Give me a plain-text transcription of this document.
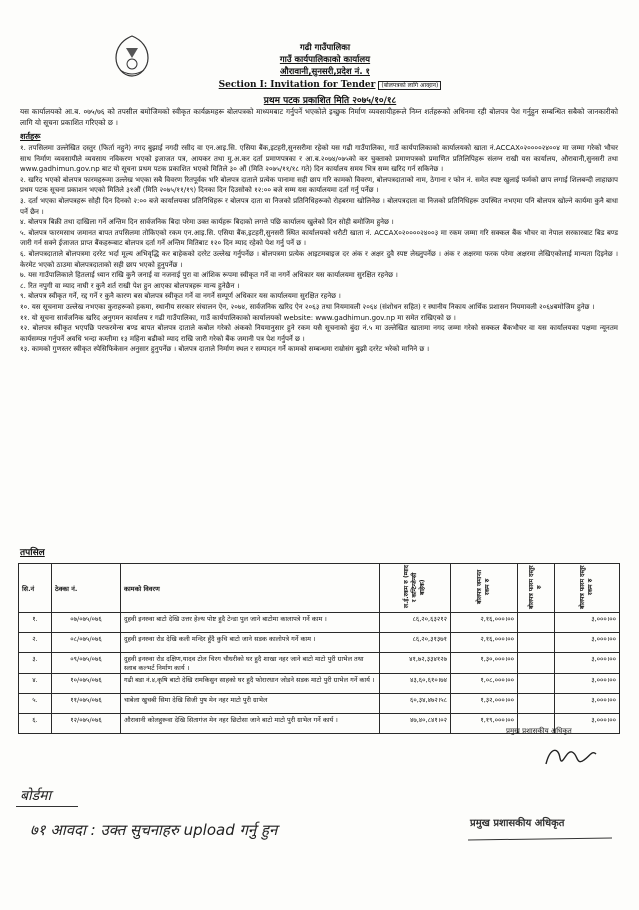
गढी गाउँपालिका
गाउँ कार्यपालिकाको कार्यालय
औरावानी,सुनसरी,प्रदेश नं. १
Section I: Invitation for Tender (बोलपत्रको लागि आव्हान)
प्रथम पटक प्रकाशित मिति २०७५/१०/१८
यस कार्यालयको आ.ब. ०७५/७६ को तपसील बमोजिमको स्वीकृत कार्यक्रमहरू बोलपत्रको माध्यमबाट गर्नुपर्ने भएकोले इच्छुक निर्माण व्यवसायीहरूले निम्न शर्तहरूको अधिनमा रही बोलपत्र पेश गर्नुहुन सम्बन्धित सबैको जानकारीको लागि यो सूचना प्रकाशित गरिएको छ ।
शर्तहरू

१. तपसिलमा उल्लेखित दस्तुर (फिर्ता नहुने) नगद बुझाई नगदी रसीद वा एन.आइ.सि. एसिया बैंक,इटहरी,सुनसरीमा रहेको यस गढी गाउँपालिका, गाउँ कार्यपालिकाको कार्यालयको खाता नं.ACCAX०२००००२४००४ मा जम्मा गरेको भौचर साथ निर्माण व्यवसायीले व्यवसाय नविकरण भएको इजाजत पत्र, आयकर तथा मु.अ.कर दर्ता प्रमाणपत्रका र आ.ब.२०७४/०७५को कर चुक्ताको प्रमाणपत्रको प्रमाणित प्रतिलिपिहरू संलग्न राखी यस कार्यालय, औरावानी,सुनसरी तथा www.gadhimun.gov.np बाट यो सूचना प्रथम पटक प्रकाशित भएको मितिले ३० औं (मिति २०७५/११/१८ गते) दिन कार्यालय समय भित्र सम्म खरिद गर्न सकिनेछ ।

२. खरिद भएको बोलपत्र फारमहरूमा उल्लेख भएका सबै विवरण रितपूर्वक भरि बोलपत्र दाताले प्रत्येक पानामा सही छाप गरि कामको विवरण, बोलपत्रदाताको नाम, ठेगाना र फोन नं. समेत स्पष्ट खुलाई फर्मको छाप लगाई शिलबन्दी लाहाछाप प्रथम पटक सूचना प्रकाशन भएको मितिले ३१औं (मिति २०७५/११/१९) दिनका दिन दिउसोको १२:०० बजे सम्म यस कार्यालयमा दर्ता गर्नु पर्नेछ ।

३. दर्ता भएका बोलपत्रहरू सोही दिन दिनको २:०० बजे कार्यालयका प्रतिनिधिहरू र बोलपत्र दाता वा निजको प्रतिनिधिहरूको रोहबरमा खोलिनेछ । बोलपत्रदाता वा निजको प्रतिनिधिहरू उपस्थित नभएमा पनि बोलपत्र खोल्ने कार्यमा कुनै बाधा पर्ने छैन ।

४. बोलपत्र बिक्री तथा दाखिला गर्ने अन्तिम दिन सार्वजनिक बिदा परेमा उक्त कार्यहरू बिदाको लगत्ते पछि कार्यालय खुलेको दिन सोही बमोजिम हुनेछ ।

५. बोलपत्र फारमसाथ जमानत बापत तपसिलमा तोकिएको रकम एन.आइ.सि. एसिया बैंक,इटहरी,सुनसरी स्थित कार्यालयको धरौटी खाता नं. ACCAX०२००००२४००३ मा रकम जम्मा गरि सक्कल बैंक भौचर वा नेपाल सरकारबाट बिड बण्ड जारी गर्न सक्ने ईजाजत प्राप्त बैंकहरूबाट बोलपत्र दर्ता गर्ने अन्तिम मितिबाट १२० दिन म्याद रहेको पेश गर्नु पर्ने छ ।

६. बोलपत्रदाताले बोलपत्रमा दररेट भर्दा मूल्य अभिवृद्धि कर बाहेकको दररेट उल्लेख गर्नुपर्नेछ । बोलपत्रमा प्रत्येक आइटमबाइज दर अंक र अक्षर दुवै स्पष्ट लेख्नुपर्नेछ । अंक र अक्षरमा फरक परेमा अक्षरमा लेखिएकोलाई मान्यता दिइनेछ । केरमेट भएको ठाउमा बोलपत्रदाताको सही छाप भएको हुनुपर्नेछ ।

७. यस गाउँपालिकाले हितलाई ध्यान राखि कुनै जनाई वा नजनाई पुरा वा आंशिक रूपमा स्वीकृत गर्ने वा नगर्ने अधिकार यस कार्यालयमा सुरक्षित रहनेछ ।

८. रित नपुगी वा म्याद नाघी र कुनै शर्त राखी पेश हुन आएका बोलपत्रहरू मान्य हुनेछैन ।

९. बोलपत्र स्वीकृत गर्ने, रद्द गर्ने र कुनै कारण बस बोलपत्र स्वीकृत गर्ने वा नगर्ने सम्पूर्ण अधिकार यस कार्यालयमा सुरक्षित रहनेछ ।

१०. यस सूचनामा उल्लेख नभएका कुराहरूको हकमा, स्थानीय सरकार संचालन ऐन, २०७४, सार्वजनिक खरिद ऐन २०६३ तथा नियमावली २०६४ (संशोधन सहित) र स्थानीय निकाय आर्थिक प्रशासन नियमावली २०६४बमोजिम हुनेछ ।

११. यो सूचना सार्वजनिक खरिद अनुगमन कार्यालय र गढी गाउँपालिका, गाउँ कार्यपालिकाको कार्यालयको website: www.gadhimun.gov.np मा समेत राखिएको छ ।

१२. बोलपत्र स्वीकृत भएपछि परफरमेन्स बण्ड बापत बोलपत्र दाताले कबोल गरेको अंकको नियमानुसार हुने रकम यसै सूचनाको बुंदा नं.५ मा उल्लेखित खातामा नगद जम्मा गरेको सक्कल बैंकभौचर वा यस कार्यालयका पक्षमा न्यूनतम कार्यसम्पन्न गर्नुपर्ने अवधि भन्दा कम्तीमा १३ महिना बढीको म्याद राखि जारी गरेको बैंक जमानी पत्र पेश गर्नुपर्ने छ ।

१३. कामको गुणस्तर स्वीकृत स्पेसिफिकेसन अनुसार हुनुपर्नेछ । बोलपत्र दाताले निर्माण स्थल र सम्पादन गर्ने कामको सम्बन्धमा राम्रोसंग बुझी दररेट भरेको मानिने छ ।

तपसिल
सि.नं	ठेक्का नं.	कामको विवरण	ल.ई.रकम रु (म्याद र कन्टिन्जेन्सी बाहेक)	बोलपत्र जमानत रकम रु	बोलपत्र फारम दस्तुर रु	बोलपत्र फारम दस्तुर रकम रु
१.	०७/०७५/०७६	दुहवी इनरुवा बाटो देखि उत्तर हेल्थ पोष्ट हुदै टेन्डा पुल जाने बाटोमा कालापत्रे गर्ने काम ।	८६,२०,६३२१२	२,१६,०००।००		३,०००।००
२.	०८/०७५/०७६	दुहवी इनरुवा रोड देखि कली मन्दिर हुँदै कुचि बाटो जाने सडक कालोपत्रे गर्ने काम ।	८६,२०,३१३७१	२,१६,०००।००		३,०००।००
३.	०९/०७५/०७६	दुहवी इनरुवा रोड दक्षिण,यादव टोल चिरग चौधरीको घर हुदै शाखा नहर जाने बाटो माटो पुरी ग्राभेल तथा स्लाब कल्भर्ट निर्माण कार्य ।	४१,७२,३३४१२७	१,३०,०००।००		३,०००।००
४.	१०/०७५/०७६	गढी बडा नं.४,कृषि बाटो देखि रामकिसुन साहको घर हुदै फोरारधान जोडने सडक माटो पुरी ग्राभेल गर्ने कार्य ।	४३,६०,६१०।७४	१,०८,०००।००		३,०००।००
५.	११/०७५/०७६	चाबेला खुचबी सिमा देखि सिजी पुष मेन नहर माटो पुरी ग्राभेल	६०,३४,४७२।५८	१,३२,०००।००		३,०००।००
६.	१२/०७५/०७६	औरावानी कोलहुरूवा देखि सितागंज मेन नहर छिटोसा जाने बाटो माटो पुरी ग्राभेल गर्ने कार्य ।	४७,४०,८४१।०२	१,१९,०००।००		३,०००।००
प्रमुख प्रशासकीय अधिकृत
बोर्डमा
७१ आवदा : उक्त सुचनाहरु upload गर्नु हुन	प्रमुख प्रशासकीय अधिकृत
